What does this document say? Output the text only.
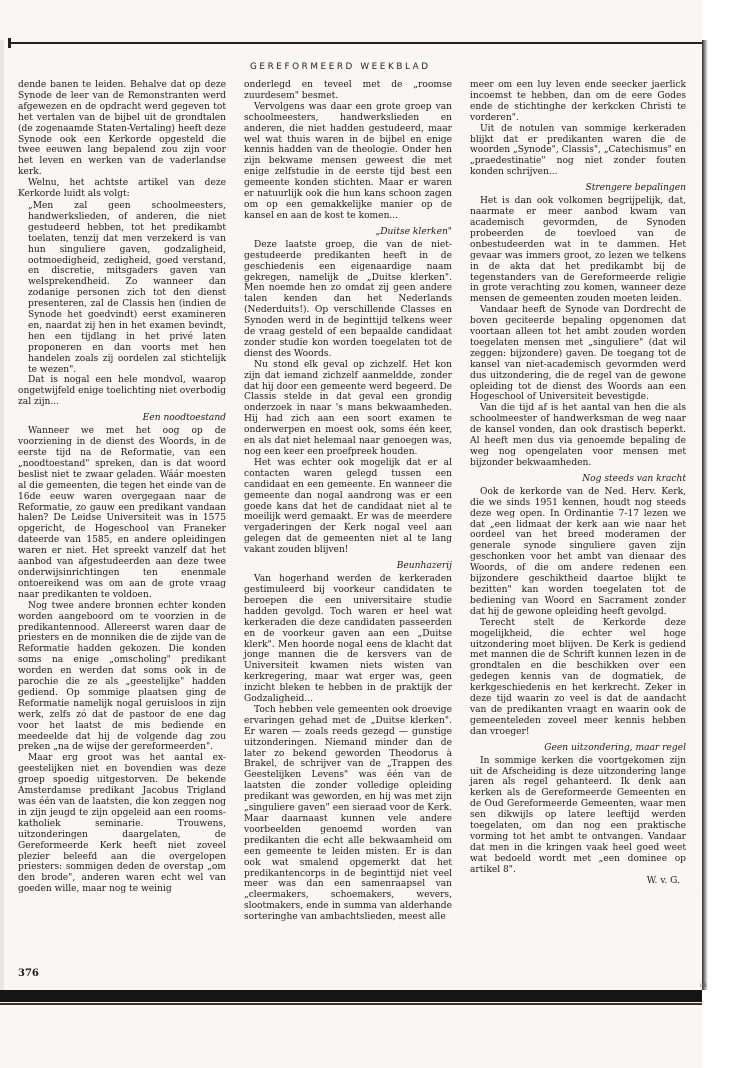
GEREFORMEERD WEEKBLAD

dende banen te leiden. Behalve dat op deze Synode de leer van de Remonstranten werd afgewezen en de opdracht werd gegeven tot het vertalen van de bijbel uit de grondtalen (de zogenaamde Staten-Vertaling) heeft deze Synode ook een Kerkorde opgesteld die twee eeuwen lang bepalend zou zijn voor het leven en werken van de vaderlandse kerk.

Welnu, het achtste artikel van deze Kerkorde luidt als volgt:

„Men zal geen schoolmeesters, handwerkslieden, of anderen, die niet gestudeerd hebben, tot het predikambt toelaten, tenzij dat men verzekerd is van hun singuliere gaven, godzaligheid, ootmoedigheid, zedigheid, goed verstand, en discretie, mitsgaders gaven van welsprekendheid. Zo wanneer dan zodanige personen zich tot den dienst presenteren, zal de Classis hen (indien de Synode het goedvindt) eerst examineren en, naardat zij hen in het examen bevindt, hen een tijdlang in het privé laten proponeren en dan voorts met hen handelen zoals zij oordelen zal stichtelijk te wezen".

Dat is nogal een hele mondvol, waarop ongetwijfeld enige toelichting niet overbodig zal zijn...

Een noodtoestand

Wanneer we met het oog op de voorziening in de dienst des Woords, in de eerste tijd na de Reformatie, van een „noodtoestand" spreken, dan is dat woord beslist niet te zwaar geladen. Wáár moesten al die gemeenten, die tegen het einde van de 16de eeuw waren overgegaan naar de Reformatie, zo gauw een predikant vandaan halen? De Leidse Universiteit was in 1575 opgericht, de Hogeschool van Franeker dateerde van 1585, en andere opleidingen waren er niet. Het spreekt vanzelf dat het aanbod van afgestudeerden aan deze twee onderwijsinrichtingen ten enenmale ontoereikend was om aan de grote vraag naar predikanten te voldoen.

Nog twee andere bronnen echter konden worden aangeboord om te voorzien in de predikantennood. Allereerst waren daar de priesters en de monniken die de zijde van de Reformatie hadden gekozen. Die konden soms na enige „omscholing" predikant worden en werden dat soms ook in de parochie die ze als „geestelijke" hadden gediend. Op sommige plaatsen ging de Reformatie namelijk nogal geruisloos in zijn werk, zelfs zó dat de pastoor de ene dag voor het laatst de mis bediende en meedeelde dat hij de volgende dag zou preken „na de wijse der gereformeerden".

Maar erg groot was het aantal ex-geestelijken niet en bovendien was deze groep spoedig uitgestorven. De bekende Amsterdamse predikant Jacobus Trigland was één van de laatsten, die kon zeggen nog in zijn jeugd te zijn opgeleid aan een rooms-katholiek seminarie. Trouwens, uitzonderingen daargelaten, de Gereformeerde Kerk heeft niet zoveel plezier beleefd aan die overgelopen priesters: sommigen deden de overstap „om den brode", anderen waren echt wel van goeden wille, maar nog te weinig

onderlegd en teveel met de „roomse zuurdesem" besmet.

Vervolgens was daar een grote groep van schoolmeesters, handwerkslieden en anderen, die niet hadden gestudeerd, maar wel wat thuis waren in de bijbel en enige kennis hadden van de theologie. Onder hen zijn bekwame mensen geweest die met enige zelfstudie in de eerste tijd best een gemeente konden stichten. Maar er waren er natuurlijk ook die hun kans schoon zagen om op een gemakkelijke manier op de kansel en aan de kost te komen...

„Duitse klerken"

Deze laatste groep, die van de niet-gestudeerde predikanten heeft in de geschiedenis een eigenaardige naam gekregen, namelijk de „Duitse klerken". Men noemde hen zo omdat zij geen andere talen kenden dan het Nederlands (Nederduits!). Op verschillende Classes en Synoden werd in de beginttijd telkens weer de vraag gesteld of een bepaalde candidaat zonder studie kon worden toegelaten tot de dienst des Woords.

Nu stond elk geval op zichzelf. Het kon zijn dat iemand zichzelf aanmeldde, zonder dat hij door een gemeente werd begeerd. De Classis stelde in dat geval een grondig onderzoek in naar 's mans bekwaamheden. Hij had zich aan een soort examen te onderwerpen en moest ook, soms één keer, en als dat niet helemaal naar genoegen was, nog een keer een proefpreek houden.

Het was echter ook mogelijk dat er al contacten waren gelegd tussen een candidaat en een gemeente. En wanneer die gemeente dan nogal aandrong was er een goede kans dat het de candidaat niet al te moeilijk werd gemaakt. Er was de meerdere vergaderingen der Kerk nogal veel aan gelegen dat de gemeenten niet al te lang vakant zouden blijven!

Beunhazerij

Van hogerhand werden de kerkeraden gestimuleerd bij voorkeur candidaten te beroepen die een universitaire studie hadden gevolgd. Toch waren er heel wat kerkeraden die deze candidaten passeerden en de voorkeur gaven aan een „Duitse klerk". Men hoorde nogal eens de klacht dat jonge mannen die de kersvers van de Universiteit kwamen niets wisten van kerkregering, maar wat erger was, geen inzicht bleken te hebben in de praktijk der Godzaligheid...

Toch hebben vele gemeenten ook droevige ervaringen gehad met de „Duitse klerken". Er waren — zoals reeds gezegd — gunstige uitzonderingen. Niemand minder dan de later zo bekend geworden Theodorus à Brakel, de schrijver van de „Trappen des Geestelijken Levens" was één van de laatsten die zonder volledige opleiding predikant was geworden, en hij was met zijn „singuliere gaven" een sieraad voor de Kerk. Maar daarnaast kunnen vele andere voorbeelden genoemd worden van predikanten die echt alle bekwaamheid om een gemeente te leiden misten. Er is dan ook wat smalend opgemerkt dat het predikantencorps in de beginttijd niet veel meer was dan een samenraapsel van „cleermakers, schoemakers, wevers, slootmakers, ende in summa van alderhande sorteringhe van ambachtslieden, meest alle

meer om een luy leven ende seecker jaerlick incoemst te hebben, dan om de eere Godes ende de stichtinghe der kerkcken Christi te vorderen".

Uit de notulen van sommige kerkeraden blijkt dat er predikanten waren die de woorden „Synode", Classis", „Catechismus" en „praedestinatie" nog niet zonder fouten konden schrijven...

Strengere bepalingen

Het is dan ook volkomen begrijpelijk, dat, naarmate er meer aanbod kwam van academisch gevormden, de Synoden probeerden de toevloed van de onbestudeerden wat in te dammen. Het gevaar was immers groot, zo lezen we telkens in de akta dat het predikambt bij de tegenstanders van de Gereformeerde religie in grote verachting zou komen, wanneer deze mensen de gemeenten zouden moeten leiden.

Vandaar heeft de Synode van Dordrecht de boven geciteerde bepaling opgenomen dat voortaan alleen tot het ambt zouden worden toegelaten mensen met „singuliere" (dat wil zeggen: bijzondere) gaven. De toegang tot de kansel van niet-academisch gevormden werd dus uitzondering, die de regel van de gewone opleiding tot de dienst des Woords aan een Hogeschool of Universiteit bevestigde.

Van die tijd af is het aantal van hen die als schoolmeester of handwerksman de weg naar de kansel vonden, dan ook drastisch beperkt. Al heeft men dus via genoemde bepaling de weg nog opengelaten voor mensen met bijzonder bekwaamheden.

Nog steeds van kracht

Ook de kerkorde van de Ned. Herv. Kerk, die we sinds 1951 kennen, houdt nog steeds deze weg open. In Ordinantie 7-17 lezen we dat „een lidmaat der kerk aan wie naar het oordeel van het breed moderamen der generale synode singuliere gaven zijn geschonken voor het ambt van dienaar des Woords, of die om andere redenen een bijzondere geschiktheid daartoe blijkt te bezitten" kan worden toegelaten tot de bediening van Woord en Sacrament zonder dat hij de gewone opleiding heeft gevolgd.

Terecht stelt de Kerkorde deze mogelijkheid, die echter wel hoge uitzondering moet blijven. De Kerk is gediend met mannen die de Schrift kunnen lezen in de grondtalen en die beschikken over een gedegen kennis van de dogmatiek, de kerkgeschiedenis en het kerkrecht. Zeker in deze tijd waarin zo veel is dat de aandacht van de predikanten vraagt en waarin ook de gemeenteleden zoveel meer kennis hebben dan vroeger!

Geen uitzondering, maar regel

In sommige kerken die voortgekomen zijn uit de Afscheiding is deze uitzondering lange jaren als regel gehanteerd. Ik denk aan kerken als de Gereformeerde Gemeenten en de Oud Gereformeerde Gemeenten, waar men sen dikwijls op latere leeftijd werden toegelaten, om dan nog een praktische vorming tot het ambt te ontvangen. Vandaar dat men in die kringen vaak heel goed weet wat bedoeld wordt met „een dominee op artikel 8".

W. v. G.
376
ıılı
